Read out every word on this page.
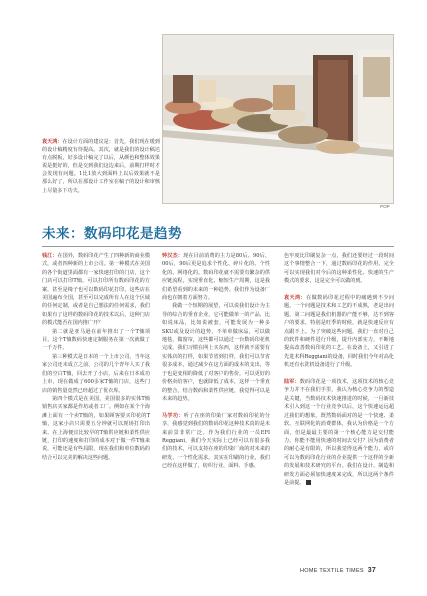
袁天鸿：在设计方面的建议是：首先，我们现在缓到的设计稿精度有待提高。其次，就是我们的设计稿达有点脱板，好多设计稿完了以后，从颜色和整体效果说是挺好的，但是交到我们这边来后，前期打样时才会发现有问题。1比1放大到面料上以后效果就不是那么好了，所以在那设计工作室在稿子的设计和审核上尽量多下功夫。
POP
未来：数码印花是趋势

钱江：在国外，数码印花产生了四种新的商业模式，或者四种新的上市公司。第一种模式在美国的各个街道里面都有一家快速打印的门店，这个门店可以打印T恤，可以打印所有数码印花的方案，甚至是椅子也可以数码印花打印，这些店在美国遍布全国，甚至可以完成所有人在这个区域的任何定制，或者是自己想法的任何需求，我们如果有了这样的数码印花的技术以后，这种门店的模式能否在国内推广开？

第二就是亚马逊在前年推出了一个T恤项目，这个T恤数码快速定制服务在第一次就做了一千万件。

第三种模式是日本的一个上市公司，当年这家公司还未成立之前，公司的几个青年人买了我们的空白T恤，回去开了小店，后来在日本成功上市，现在做成了600多家T恤的门店，这些门店的销售量竟然已经超过了优衣库。

第四个模式是在美国，美国很多的实体T恤销售店买家都是作坊或者工厂。例如在某个个海滩上面有一个卖T恤的，如果顾客要买印花的T恤，这家小店只需要五分钟就可以现场打印出来。在上海便宜比较早的T恤供应链和柔性供应链，打印的速度和打印的成本对于做一件T恤来说，可能还是有些局限，现在我们和单位数码的结合可以完美的解决这些问题。

钟汉杰：现在目前消费的主力是80后、90后、00后，90后更是追求个性化、碎片化的、个性化的、网络化的。数码印花就不需要有繁杂的供应链流程，实现垂直化、缩短生产周期，这是我们希望看到的未来的一种趋势。我们作为设备厂商也在朝着方面努力。

我做一个短期的展望，可以说我们设计为主导的综合的垂直企业，它可能做单一的产品，比如说床品，比如说被套，可能发展为一种多SKU或及设计的趋势，不单单做床品，可以做地毯，做窗帘，这些都可以通过一台数码印花机完成。我们习惯在网上买东西，这样就不需要有实体店的打样，如果节省到打样，我们可以节省很多成本，通过减少在这方面的成本的支出，等于也是变相的降低了对客户的售价，可以更好的价格卖给客户，也就降低了成本，这样一个垂直的整合，结合数码和柔性供应链，我觉得可以是未来的趋势。

马学功：听了在座的印染厂家对数码印花的分享，我感觉到我们的数码印花这种技术真的是未来前景非常广泛。作为我们行业的一员EFI Reggiani，我们今天实际上已经可以有很多我们的技术，可以支持在座的印染厂商的对未来的研发，一个性化需求。其实在印刷的行业，我们已经在这样做了，纺织行业，面料、手感、

色牢度比印刷复杂一点，我们还要经过一段时间这个事情整合一下，通过数码印花的作用，完全可以实现我们对今后的这种柔性化、快速的生产模式的要求，这是完全可以做的到。

袁天鸿：在做数码印花过程中的痛遇到不少问题，一个问题是技术和工艺的不成熟，老是出问题。第二问题是我们机器的产能不够，达不到客户的要求，特别是旺季的时候，就是快速反应有点跟不上。为了突破这些问题，我们一直对自己的软件和硬件进行升级，提升内部实力，不断地提高改善数码印花的工艺。在设备上，又引进了先进术科Reggiani的设备，同时我们今年对高化机还有水洗机设备进行了升级。

陆军：数码印花是一项技术，这项技术的核心竞争力并不在我们手里，我认为核心竞争力的塑造是关键，当数码技术快速推进的时候，一旦新技术引入到这一个行业竞争以后，这个快速运远超过我们的想象。既然数码面对的是一个快速、柔软、互联网化的消费群体，我认为价格是一个方面，但是最最主要的第一个核心能力是交付能力。你能不能用快速的时间去交付？因为消费者的耐心是有限的，所以我觉得这两个能力，或许可以为数码印花行业的企业提供一个这样的全新的发展和技术研究的平台。我们在设计、制造和研发方面必须加快速度来完成，所以这两个条件是前提。

HOME TEXTILE TIMES 37
